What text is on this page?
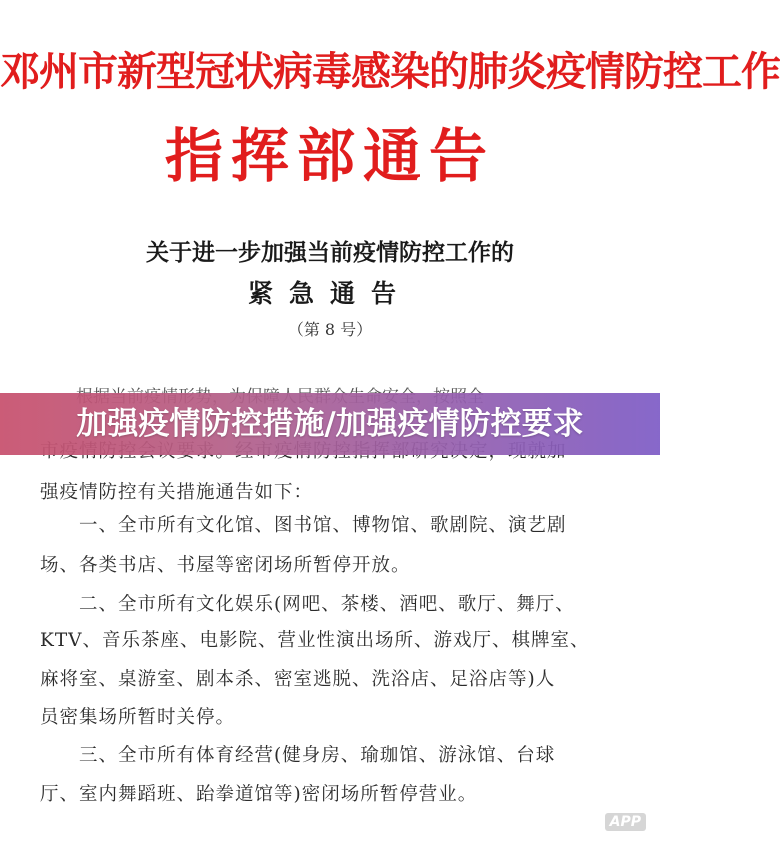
邓州市新型冠状病毒感染的肺炎疫情防控工作
指挥部通告
关于进一步加强当前疫情防控工作的
紧急通告
（第 8 号）
强疫情防控有关措施通告如下：
　　一、全市所有文化馆、图书馆、博物馆、歌剧院、演艺剧
场、各类书店、书屋等密闭场所暂停开放。
　　二、全市所有文化娱乐(网吧、茶楼、酒吧、歌厅、舞厅、
KTV、音乐茶座、电影院、营业性演出场所、游戏厅、棋牌室、
麻将室、桌游室、剧本杀、密室逃脱、洗浴店、足浴店等)人
员密集场所暂时关停。
　　三、全市所有体育经营(健身房、瑜珈馆、游泳馆、台球
厅、室内舞蹈班、跆拳道馆等)密闭场所暂停营业。
加强疫情防控措施/加强疫情防控要求
APP
